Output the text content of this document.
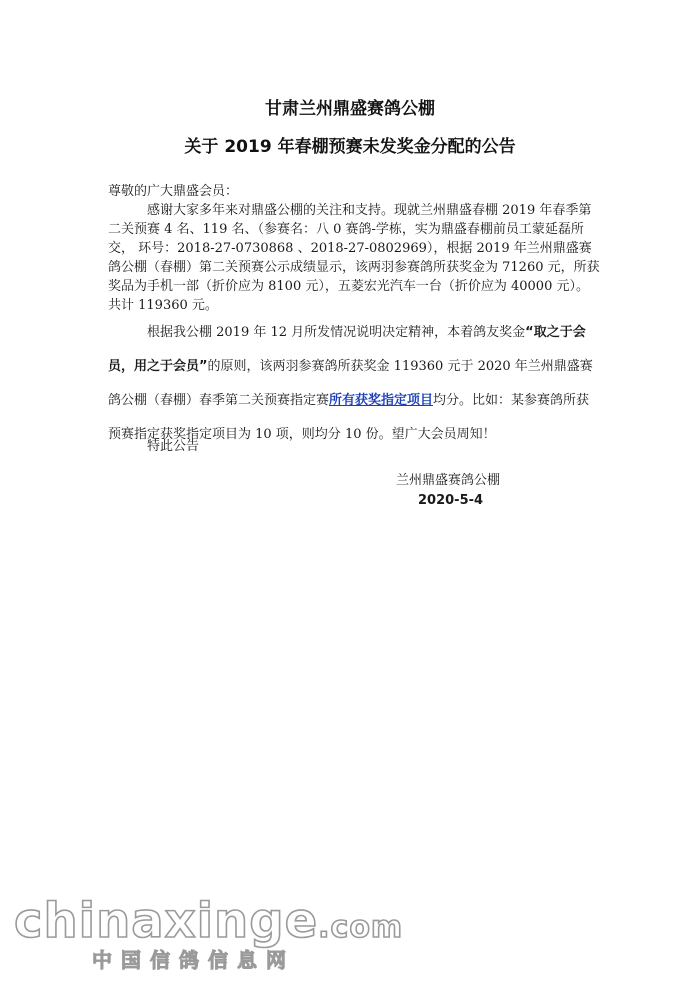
甘肃兰州鼎盛赛鸽公棚
关于 2019 年春棚预赛未发奖金分配的公告

尊敬的广大鼎盛会员：

感谢大家多年来对鼎盛公棚的关注和支持。现就兰州鼎盛春棚 2019 年春季第二关预赛 4 名、119 名、（参赛名：八 0 赛鸽-学栋，实为鼎盛春棚前员工蒙延磊所交， 环号：2018-27-0730868 、2018-27-0802969），根据 2019 年兰州鼎盛赛鸽公棚（春棚）第二关预赛公示成绩显示，该两羽参赛鸽所获奖金为 71260 元，所获奖品为手机一部（折价应为 8100 元），五菱宏光汽车一台（折价应为 40000 元）。共计 119360 元。

根据我公棚 2019 年 12 月所发情况说明决定精神，本着鸽友奖金“取之于会员，用之于会员”的原则，该两羽参赛鸽所获奖金 119360 元于 2020 年兰州鼎盛赛鸽公棚（春棚）春季第二关预赛指定赛所有获奖指定项目均分。比如：某参赛鸽所获预赛指定获奖指定项目为 10 项，则均分 10 份。望广大会员周知！

特此公告

兰州鼎盛赛鸽公棚
2020-5-4
chinaxinge.com
中国信鸽信息网
